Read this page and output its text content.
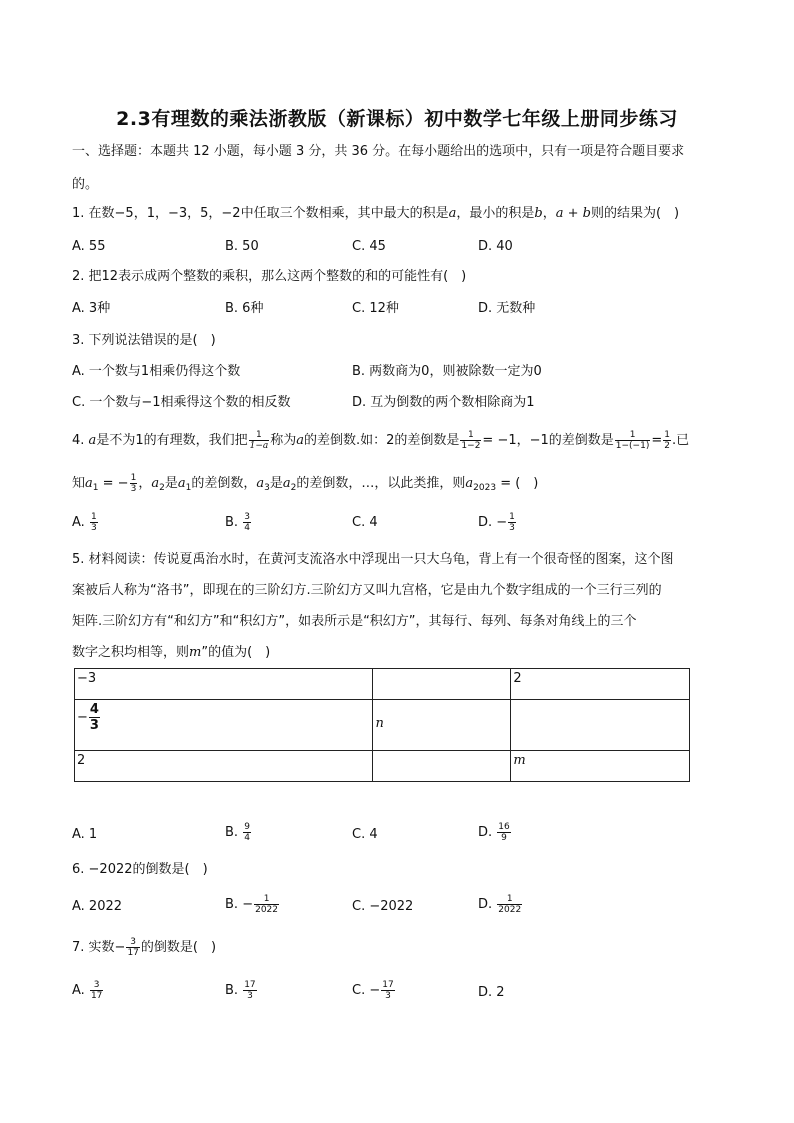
2.3有理数的乘法浙教版（新课标）初中数学七年级上册同步练习
一、选择题：本题共 12 小题，每小题 3 分，共 36 分。在每小题给出的选项中，只有一项是符合题目要求
的。
1. 在数−5，1，−3，5，−2中任取三个数相乘，其中最大的积是a，最小的积是b，a + b则的结果为(　)
A. 55	B. 50	C. 45	D. 40
2. 把12表示成两个整数的乘积，那么这两个整数的和的可能性有(　)
A. 3种	B. 6种	C. 12种	D. 无数种
3. 下列说法错误的是(　)
A. 一个数与1相乘仍得这个数	B. 两数商为0，则被除数一定为0
C. 一个数与−1相乘得这个数的相反数	D. 互为倒数的两个数相除商为1
4. a是不为1的有理数，我们把 $\frac{1}{1-a}$ 称为a的差倒数.如：2的差倒数是 $\frac{1}{1-2} = -1$，−1的差倒数是 $\frac{1}{1-(-1)} = \frac{1}{2}$ .已
知$a_1$ = − $\frac{1}{3}$ ，$a_2$是$a_1$的差倒数，$a_3$是$a_2$的差倒数，…，以此类推，则$a_{2023}$ = (　)
A. $\frac{1}{3}$	B. $\frac{3}{4}$	C. 4	D. − $\frac{1}{3}$
5. 材料阅读：传说夏禹治水时，在黄河支流洛水中浮现出一只大乌龟，背上有一个很奇怪的图案，这个图
案被后人称为“洛书”，即现在的三阶幻方.三阶幻方又叫九宫格，它是由九个数字组成的一个三行三列的
矩阵.三阶幻方有“和幻方”和“积幻方”，如表所示是“积幻方”，其每行、每列、每条对角线上的三个
数字之积均相等，则m”的值为(　)
−3		2
− $\frac{4}{3}$	n	
2		m
A. 1	B. $\frac{9}{4}$	C. 4	D. $\frac{16}{9}$
6. −2022的倒数是(　)
A. 2022	B. − $\frac{1}{2022}$	C. −2022	D. $\frac{1}{2022}$
7. 实数− $\frac{3}{17}$ 的倒数是(　)
A. $\frac{3}{17}$	B. $\frac{17}{3}$	C. − $\frac{17}{3}$	D. 2
